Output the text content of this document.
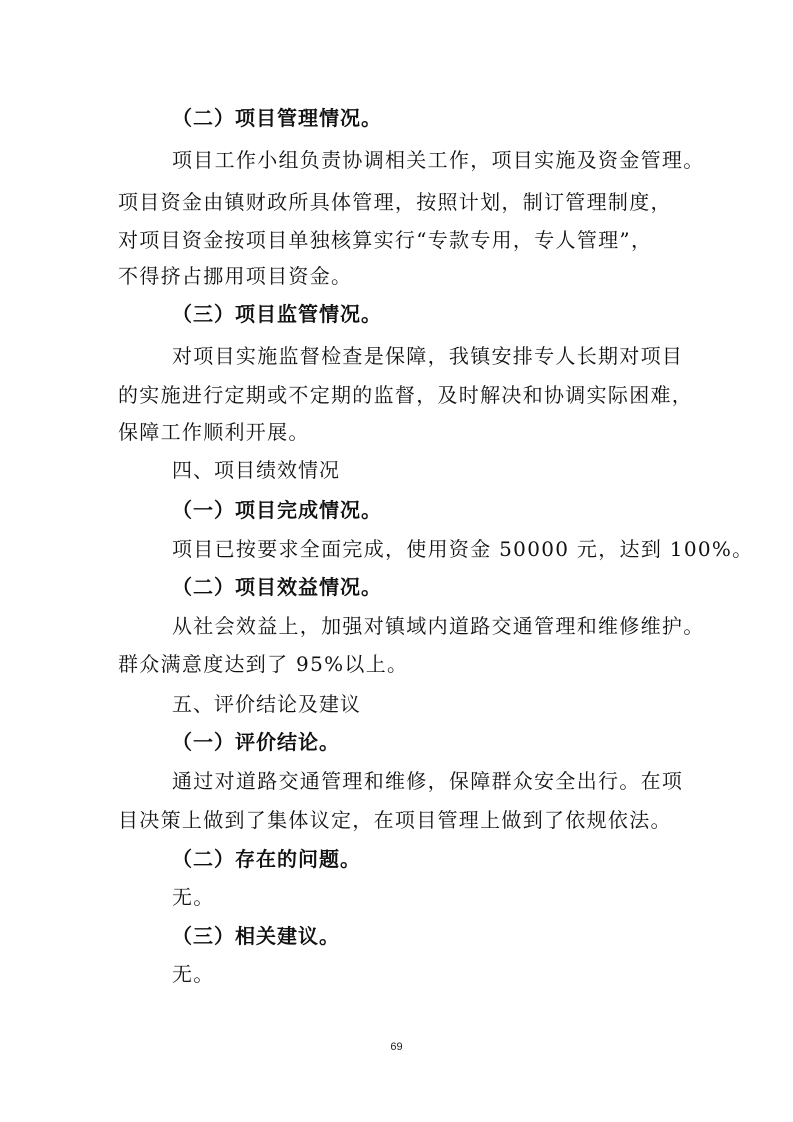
（二）项目管理情况。
项目工作小组负责协调相关工作，项目实施及资金管理。
项目资金由镇财政所具体管理，按照计划，制订管理制度，
对项目资金按项目单独核算实行“专款专用，专人管理”，
不得挤占挪用项目资金。
（三）项目监管情况。
对项目实施监督检查是保障，我镇安排专人长期对项目
的实施进行定期或不定期的监督，及时解决和协调实际困难，
保障工作顺利开展。
四、项目绩效情况
（一）项目完成情况。
项目已按要求全面完成，使用资金 50000 元，达到 100%。
（二）项目效益情况。
从社会效益上，加强对镇域内道路交通管理和维修维护。
群众满意度达到了 95%以上。
五、评价结论及建议
（一）评价结论。
通过对道路交通管理和维修，保障群众安全出行。在项
目决策上做到了集体议定，在项目管理上做到了依规依法。
（二）存在的问题。
无。
（三）相关建议。
无。
69
